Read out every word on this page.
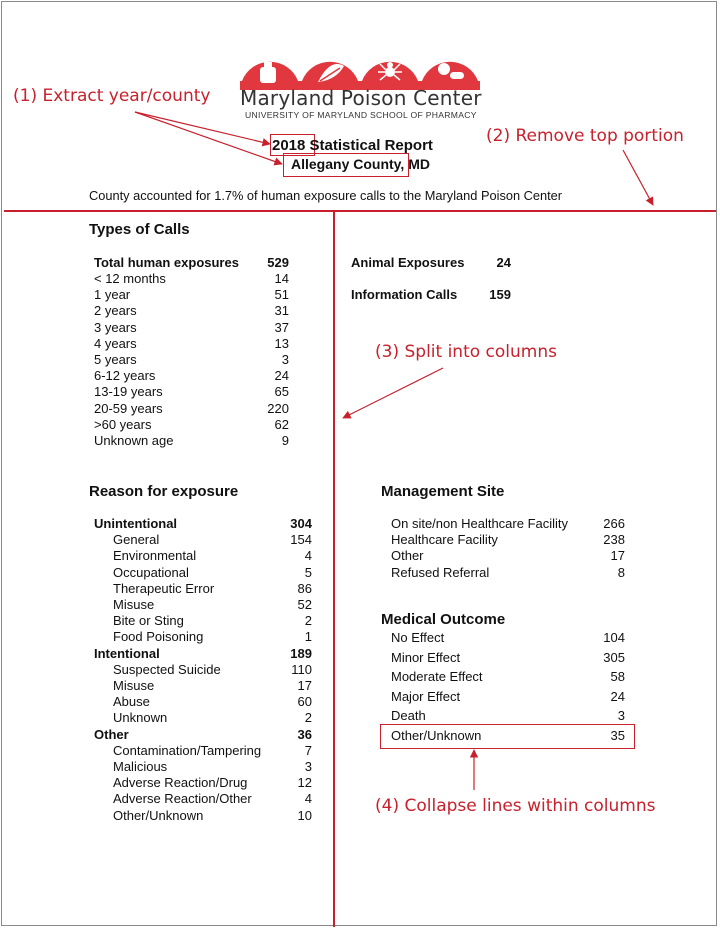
Maryland Poison Center
UNIVERSITY OF MARYLAND SCHOOL OF PHARMACY
(1) Extract year/county
(2) Remove top portion
(3) Split into columns
(4) Collapse lines within columns
2018 Statistical Report
Allegany County, MD
County accounted for 1.7% of human exposure calls to the Maryland Poison Center
Types of Calls
Total human exposures 529
< 12 months	14
1 year	51
2 years	31
3 years	37
4 years	13
5 years	3
6-12 years	24
13-19 years	65
20-59 years	220
>60 years	62
Unknown age	9
Animal Exposures 24
Information Calls 159
Reason for exposure
Unintentional	304
General	154
Environmental	4
Occupational	5
Therapeutic Error	86
Misuse	52
Bite or Sting	2
Food Poisoning	1
Intentional	189
Suspected Suicide	110
Misuse	17
Abuse	60
Unknown	2
Other	36
Contamination/Tampering	7
Malicious	3
Adverse Reaction/Drug	12
Adverse Reaction/Other	4
Other/Unknown	10
Management Site
On site/non Healthcare Facility	266
Healthcare Facility	238
Other	17
Refused Referral	8
Medical Outcome
No Effect	104
Minor Effect	305
Moderate Effect	58
Major Effect	24
Death	3
Other/Unknown	35
